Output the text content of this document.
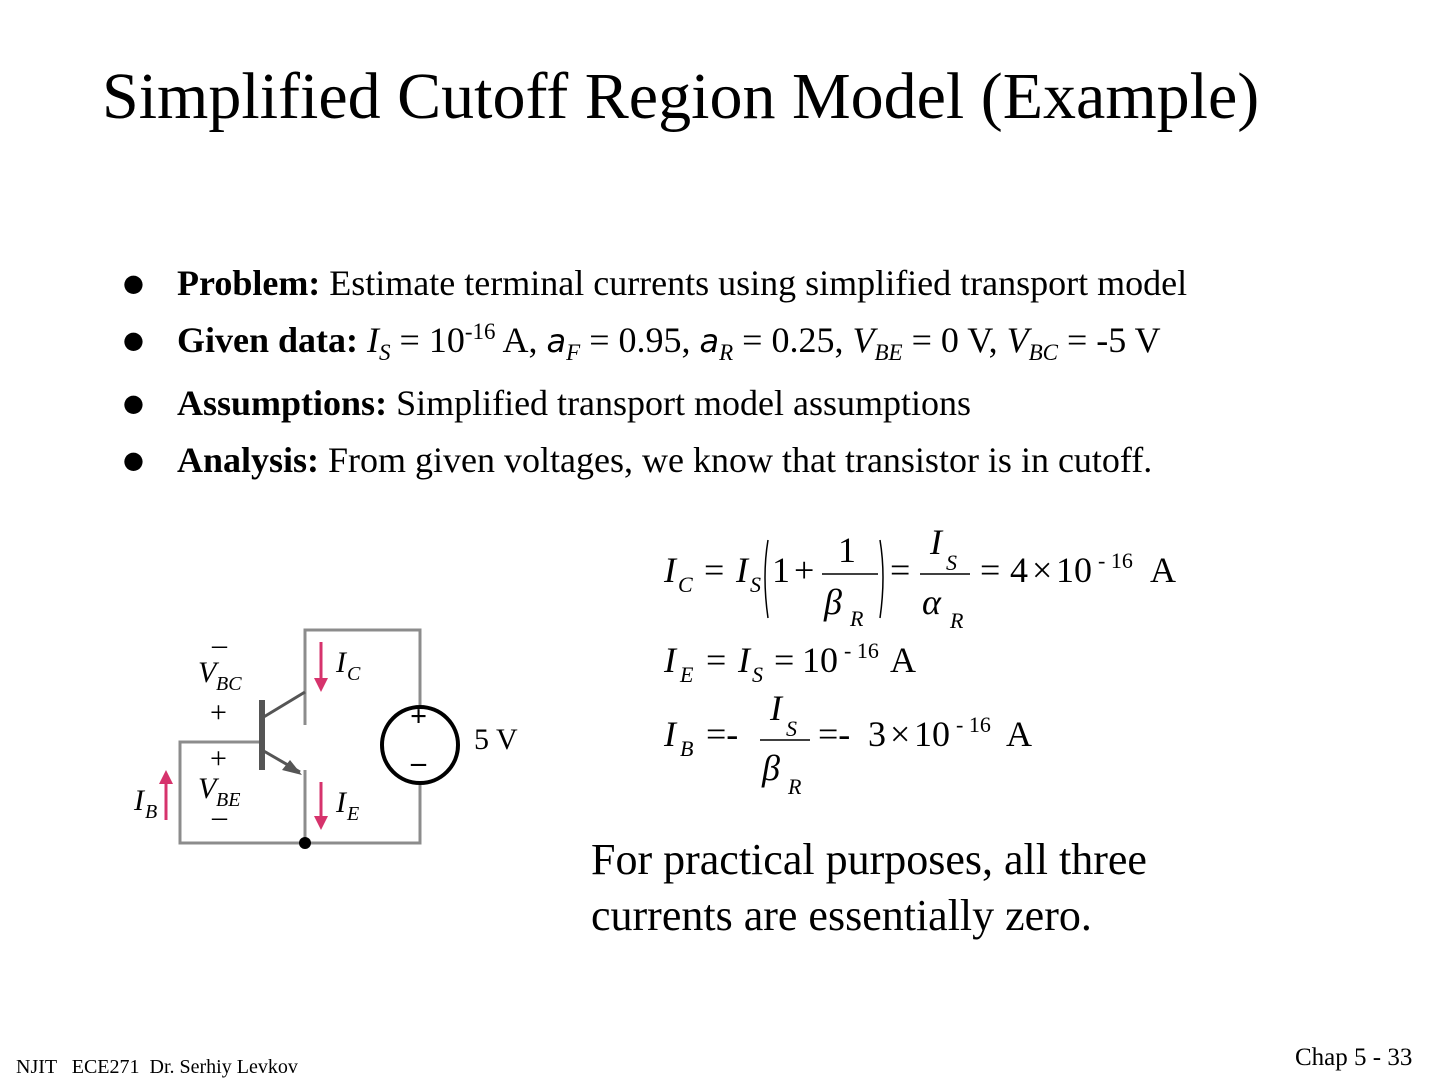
Simplified Cutoff Region Model (Example)
● Problem: Estimate terminal currents using simplified transport model
● Given data: $I_S = 10^{-16}$ A, $a_F = 0.95$, $a_R = 0.25$, $V_{BE} = 0$ V, $V_{BC} = -5$ V
● Assumptions: Simplified transport model assumptions
● Analysis: From given voltages, we know that transistor is in cutoff.
–
V BC
+
+
V BE
–
I C
I E
I B
+
–
5 V
I C = I S 1 + 1
β R
=
I
S
α R
= 4 × 10 - 16 A
I E = I S = 10 - 16 A
I B =-
I
S
β R
=- 3 × 10 - 16 A
For practical purposes, all three currents are essentially zero.
NJIT   ECE271  Dr. Serhiy Levkov	Chap 5 - 33
